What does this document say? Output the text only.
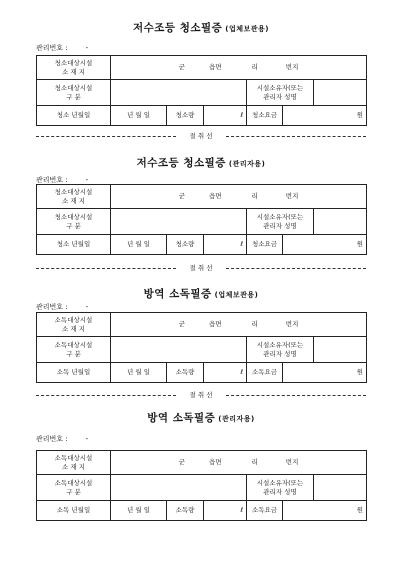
저수조등 청소필증 (업체보관용)
관리번호 :	-
청소대상시설
소 재 지	군 읍면 리 번지					
청소대상시설
구 분				시설소유자(또는
관리자 성명		
청소 년월일	년 월 일	청소량	ℓ	청소요금	원	
절 취 선
저수조등 청소필증 (관리자용)
관리번호 :	-
청소대상시설
소 재 지	군 읍면 리 번지					
청소대상시설
구 분				시설소유자(또는
관리자 성명		
청소 년월일	년 월 일	청소량	ℓ	청소요금	원	
절 취 선
방역 소독필증 (업체보관용)
관리번호 :	-
소독대상시설
소 재 지	군 읍면 리 번지					
소독대상시설
구 분				시설소유자(또는
관리자 성명		
소독 년월일	년 월 일	소독량	ℓ	소독요금	원	
절 취 선
방역 소독필증 (관리자용)
관리번호 :	-
소독대상시설
소 재 지	군 읍면 리 번지					
소독대상시설
구 분				시설소유자(또는
관리자 성명		
소독 년월일	년 월 일	소독량	ℓ	소독요금	원	
